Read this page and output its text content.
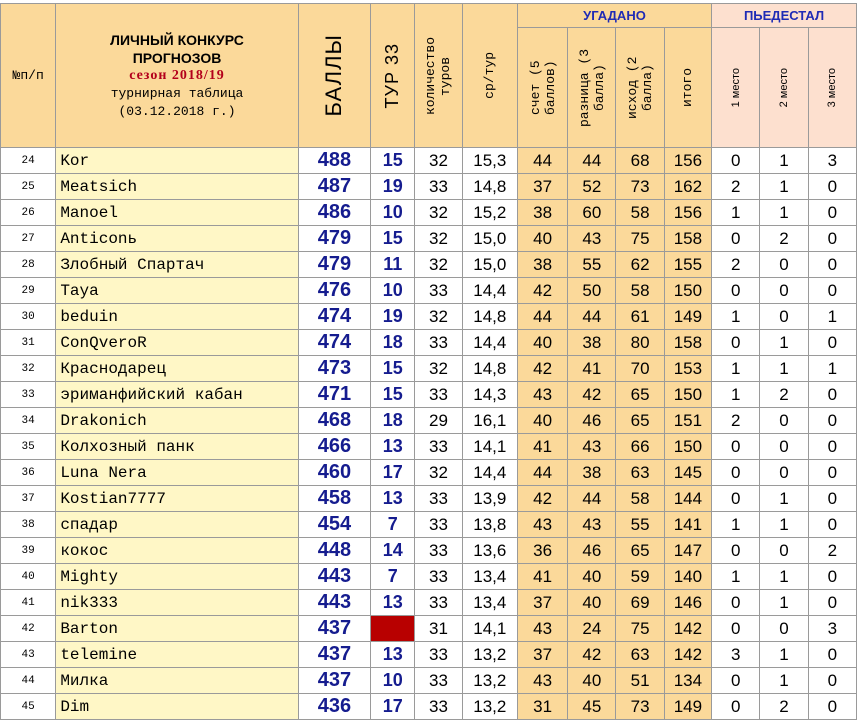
№п/п	ЛИЧНЫЙ КОНКУРС
ПРОГНОЗОВ
сезон 2018/19
турнирная таблица
(03.12.2018 г.)	БАЛЛЫ	ТУР 33	количество туров	ср/тур	УГАДАНО				ПЬЕДЕСТАЛ		

						счет (5 баллов)	разница (3 балла)	исход (2 балла)	итого	1 место	2 место	3 место

24	Kor	488	15	32	15,3	44	44	68	156	0	1	3
25	Meatsich	487	19	33	14,8	37	52	73	162	2	1	0
26	Manoel	486	10	32	15,2	38	60	58	156	1	1	0
27	Anticonь	479	15	32	15,0	40	43	75	158	0	2	0
28	Злобный Спартач	479	11	32	15,0	38	55	62	155	2	0	0
29	Taya	476	10	33	14,4	42	50	58	150	0	0	0
30	beduin	474	19	32	14,8	44	44	61	149	1	0	1
31	ConQveroR	474	18	33	14,4	40	38	80	158	0	1	0
32	Краснодарец	473	15	32	14,8	42	41	70	153	1	1	1
33	эриманфийский кабан	471	15	33	14,3	43	42	65	150	1	2	0
34	Drakonich	468	18	29	16,1	40	46	65	151	2	0	0
35	Колхозный панк	466	13	33	14,1	41	43	66	150	0	0	0
36	Luna Nera	460	17	32	14,4	44	38	63	145	0	0	0
37	Kostian7777	458	13	33	13,9	42	44	58	144	0	1	0
38	спадар	454	7	33	13,8	43	43	55	141	1	1	0
39	кокос	448	14	33	13,6	36	46	65	147	0	0	2
40	Mighty	443	7	33	13,4	41	40	59	140	1	1	0
41	nik333	443	13	33	13,4	37	40	69	146	0	1	0
42	Barton	437		31	14,1	43	24	75	142	0	0	3
43	telemine	437	13	33	13,2	37	42	63	142	3	1	0
44	Милка	437	10	33	13,2	43	40	51	134	0	1	0
45	Dim	436	17	33	13,2	31	45	73	149	0	2	0
